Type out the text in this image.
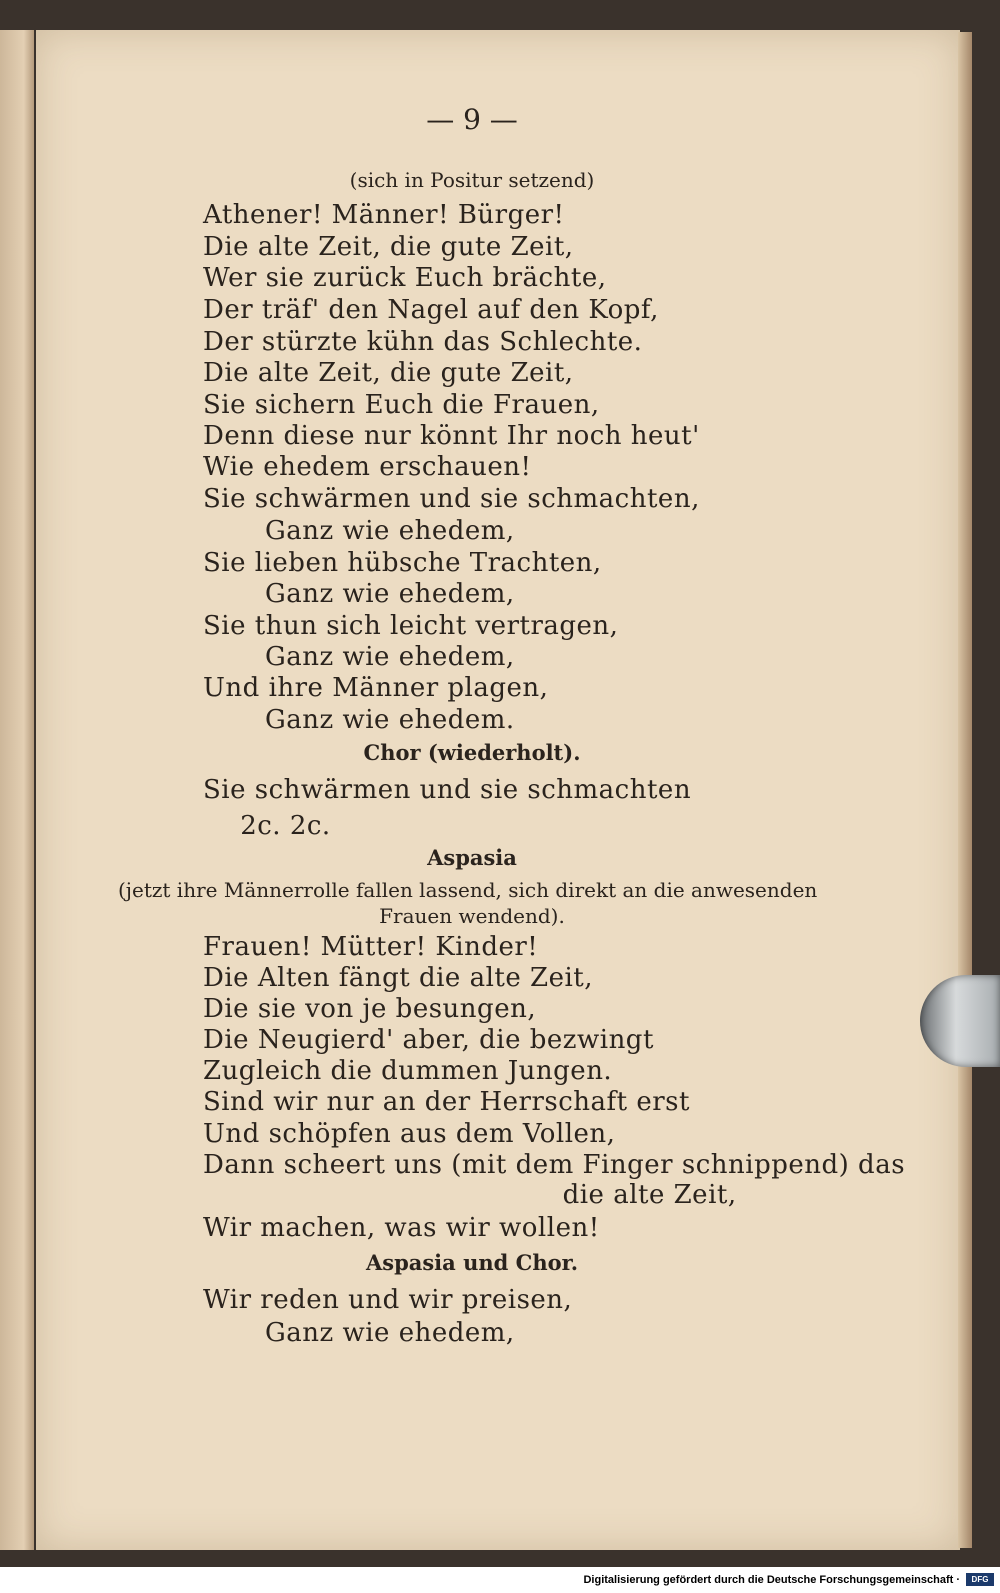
— 9 —
(sich in Positur setzend)
Athener! Männer! Bürger!
Die alte Zeit, die gute Zeit,
Wer sie zurück Euch brächte,
Der träf' den Nagel auf den Kopf,
Der stürzte kühn das Schlechte.
Die alte Zeit, die gute Zeit,
Sie sichern Euch die Frauen,
Denn diese nur könnt Ihr noch heut'
Wie ehedem erschauen!
Sie schwärmen und sie schmachten,
Ganz wie ehedem,
Sie lieben hübsche Trachten,
Ganz wie ehedem,
Sie thun sich leicht vertragen,
Ganz wie ehedem,
Und ihre Männer plagen,
Ganz wie ehedem.
Chor (wiederholt).
Sie schwärmen und sie schmachten
2c. 2c.
Aspasia
(jetzt ihre Männerrolle fallen lassend, sich direkt an die anwesenden
Frauen wendend).
Frauen! Mütter! Kinder!
Die Alten fängt die alte Zeit,
Die sie von je besungen,
Die Neugierd' aber, die bezwingt
Zugleich die dummen Jungen.
Sind wir nur an der Herrschaft erst
Und schöpfen aus dem Vollen,
Dann scheert uns (mit dem Finger schnippend) das
die alte Zeit,
Wir machen, was wir wollen!
Aspasia und Chor.
Wir reden und wir preisen,
Ganz wie ehedem,
Digitalisierung gefördert durch die Deutsche Forschungsgemeinschaft ·	DFG
